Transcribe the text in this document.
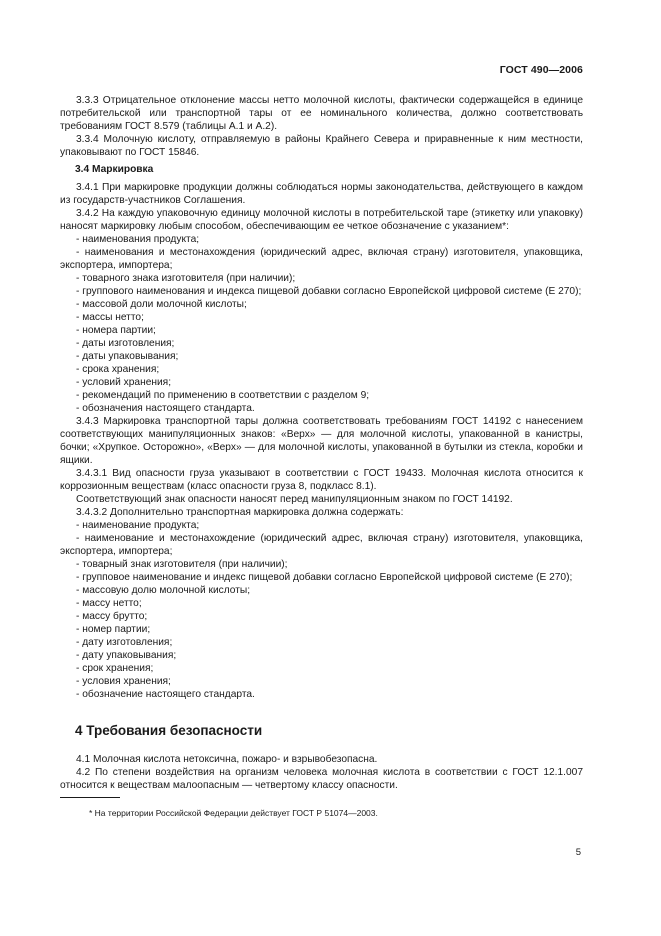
ГОСТ 490—2006

3.3.3 Отрицательное отклонение массы нетто молочной кислоты, фактически содержащейся в единице потребительской или транспортной тары от ее номинального количества, должно соответствовать требованиям ГОСТ 8.579 (таблицы А.1 и А.2).

3.3.4 Молочную кислоту, отправляемую в районы Крайнего Севера и приравненные к ним местности, упаковывают по ГОСТ 15846.

3.4 Маркировка

3.4.1 При маркировке продукции должны соблюдаться нормы законодательства, действующего в каждом из государств-участников Соглашения.

3.4.2 На каждую упаковочную единицу молочной кислоты в потребительской таре (этикетку или упаковку) наносят маркировку любым способом, обеспечивающим ее четкое обозначение с указанием*:

- наименования продукта;

- наименования и местонахождения (юридический адрес, включая страну) изготовителя, упаковщика, экспортера, импортера;

- товарного знака изготовителя (при наличии);

- группового наименования и индекса пищевой добавки согласно Европейской цифровой системе (Е 270);

- массовой доли молочной кислоты;

- массы нетто;

- номера партии;

- даты изготовления;

- даты упаковывания;

- срока хранения;

- условий хранения;

- рекомендаций по применению в соответствии с разделом 9;

- обозначения настоящего стандарта.

3.4.3 Маркировка транспортной тары должна соответствовать требованиям ГОСТ 14192 с нанесением соответствующих манипуляционных знаков: «Верх» — для молочной кислоты, упакованной в канистры, бочки; «Хрупкое. Осторожно», «Верх» — для молочной кислоты, упакованной в бутылки из стекла, коробки и ящики.

3.4.3.1 Вид опасности груза указывают в соответствии с ГОСТ 19433. Молочная кислота относится к коррозионным веществам (класс опасности груза 8, подкласс 8.1).

Соответствующий знак опасности наносят перед манипуляционным знаком по ГОСТ 14192.

3.4.3.2 Дополнительно транспортная маркировка должна содержать:

- наименование продукта;

- наименование и местонахождение (юридический адрес, включая страну) изготовителя, упаковщика, экспортера, импортера;

- товарный знак изготовителя (при наличии);

- групповое наименование и индекс пищевой добавки согласно Европейской цифровой системе (Е 270);

- массовую долю молочной кислоты;

- массу нетто;

- массу брутто;

- номер партии;

- дату изготовления;

- дату упаковывания;

- срок хранения;

- условия хранения;

- обозначение настоящего стандарта.

4 Требования безопасности

4.1 Молочная кислота нетоксична, пожаро- и взрывобезопасна.

4.2 По степени воздействия на организм человека молочная кислота в соответствии с ГОСТ 12.1.007 относится к веществам малоопасным — четвертому классу опасности.

* На территории Российской Федерации действует ГОСТ Р 51074—2003.
5
